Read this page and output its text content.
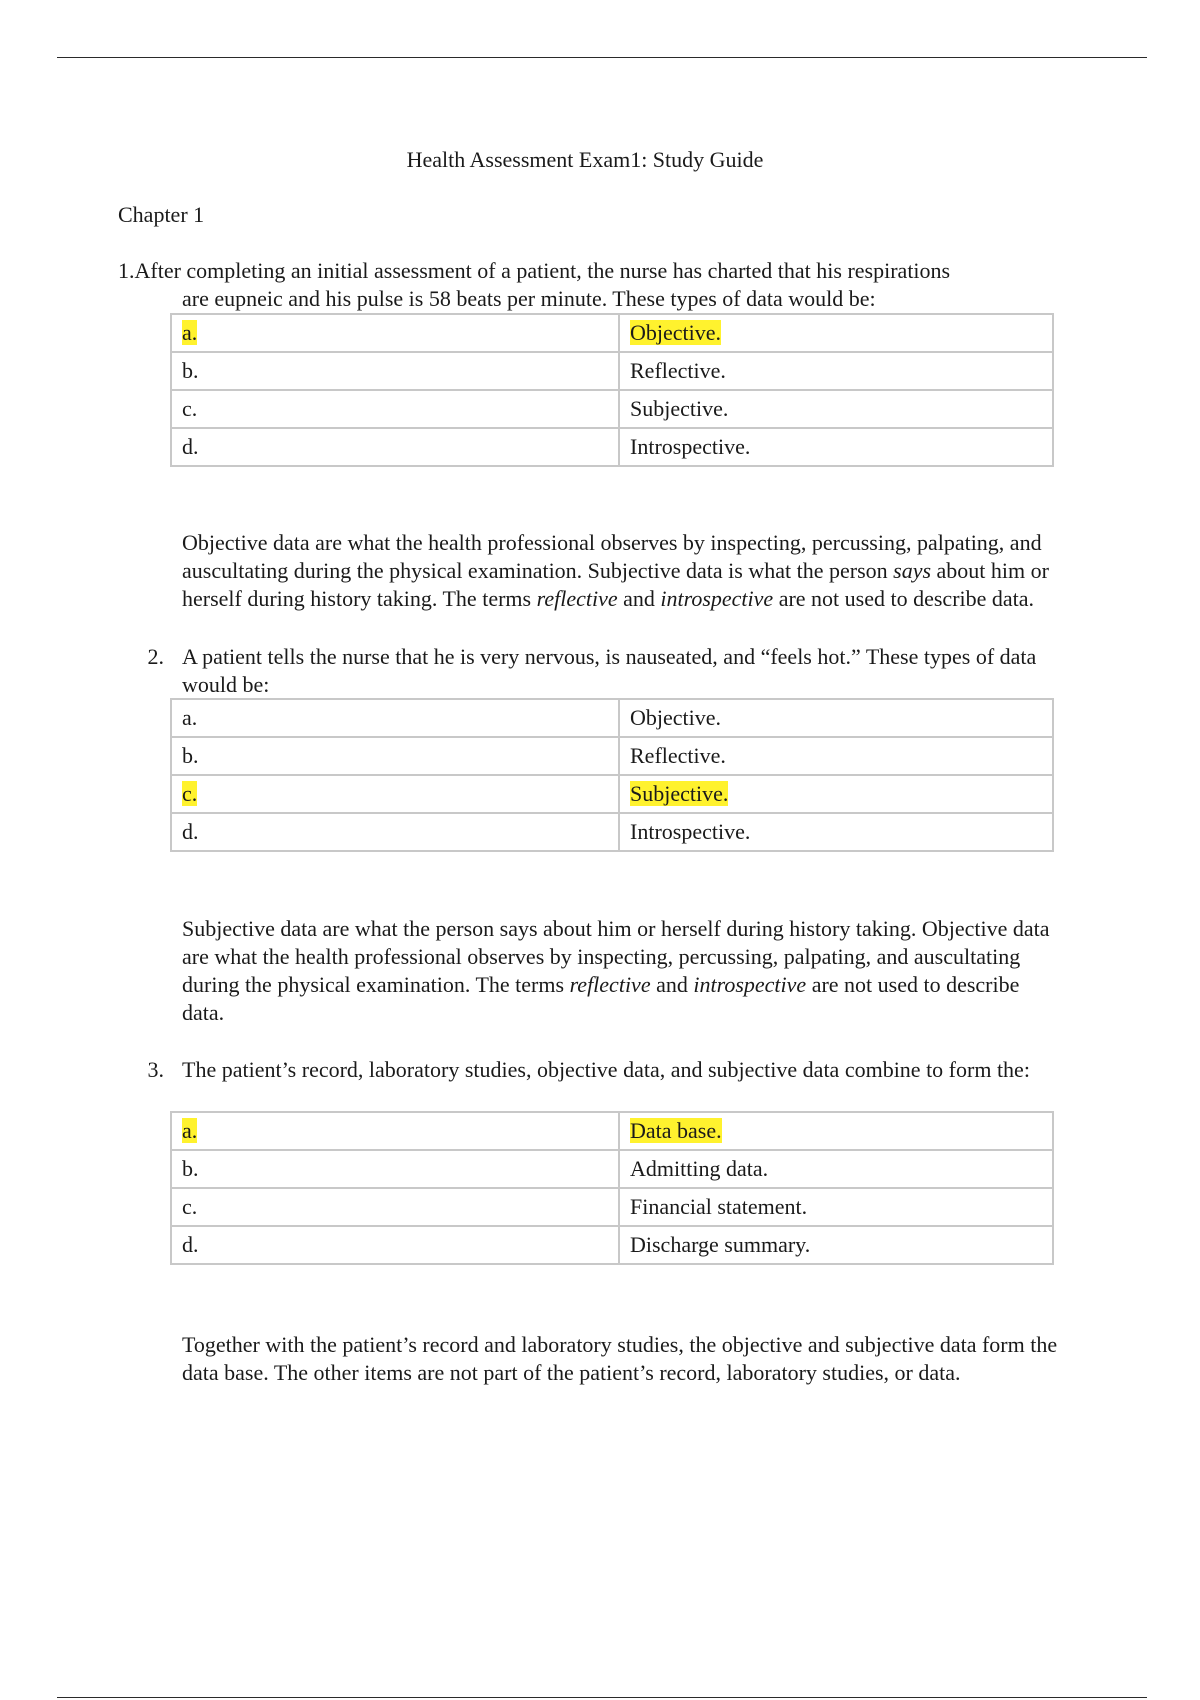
Health Assessment Exam1: Study Guide
Chapter 1
1.After completing an initial assessment of a patient, the nurse has charted that his respirations
are eupneic and his pulse is 58 beats per minute. These types of data would be:
a.	Objective.
b.	Reflective.
c.	Subjective.
d.	Introspective.
Objective data are what the health professional observes by inspecting, percussing, palpating, and auscultating during the physical examination. Subjective data is what the person says about him or herself during history taking. The terms reflective and introspective are not used to describe data.
2. A patient tells the nurse that he is very nervous, is nauseated, and “feels hot.” These types of data would be:
a.	Objective.
b.	Reflective.
c.	Subjective.
d.	Introspective.
Subjective data are what the person says about him or herself during history taking. Objective data are what the health professional observes by inspecting, percussing, palpating, and auscultating during the physical examination. The terms reflective and introspective are not used to describe data.
3. The patient’s record, laboratory studies, objective data, and subjective data combine to form the:
a.	Data base.
b.	Admitting data.
c.	Financial statement.
d.	Discharge summary.
Together with the patient’s record and laboratory studies, the objective and subjective data form the data base. The other items are not part of the patient’s record, laboratory studies, or data.
